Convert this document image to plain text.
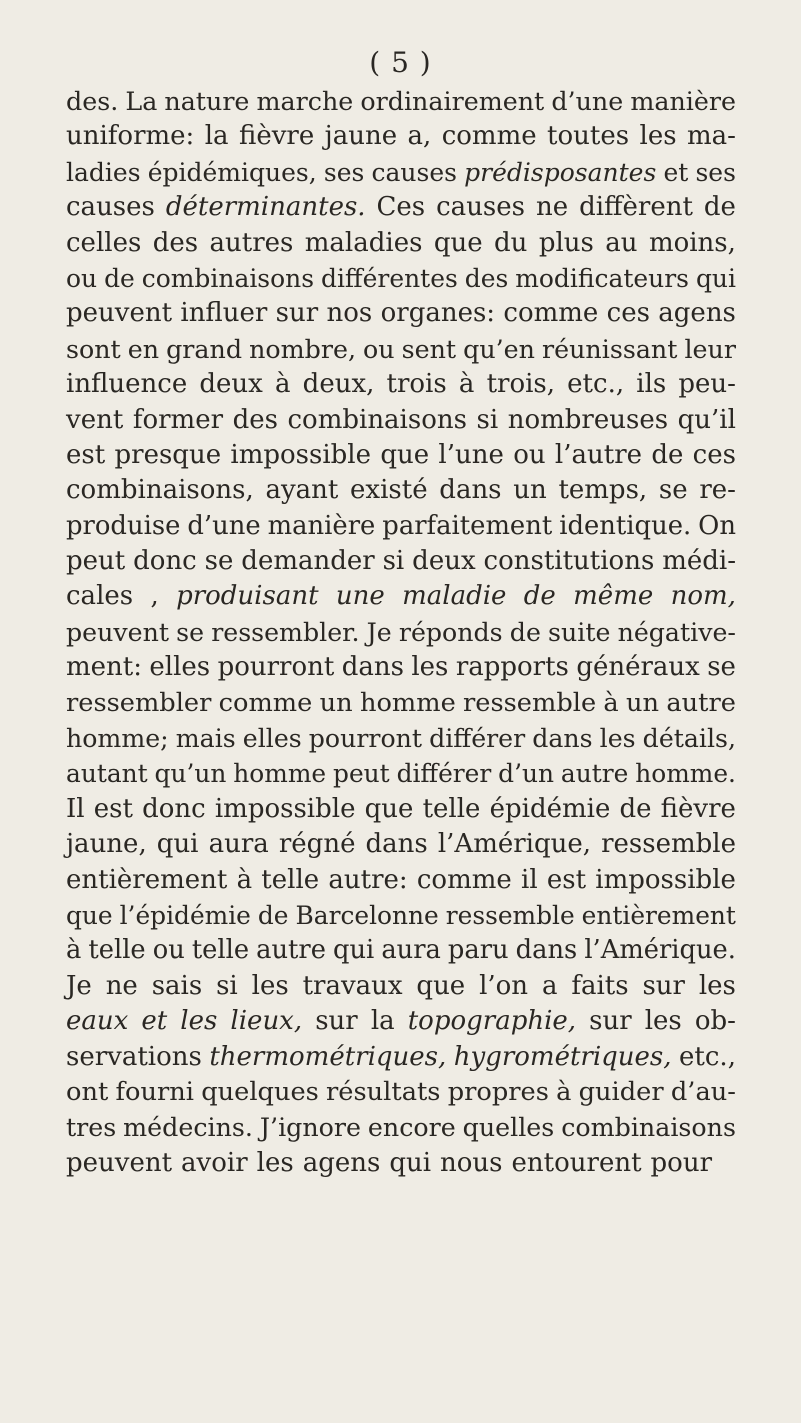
( 5 )
des. La nature marche ordinairement d’une manière
uniforme: la fièvre jaune a, comme toutes les ma-
ladies épidémiques, ses causes prédisposantes et ses
causes déterminantes. Ces causes ne diffèrent de
celles des autres maladies que du plus au moins,
ou de combinaisons différentes des modificateurs qui
peuvent influer sur nos organes: comme ces agens
sont en grand nombre, ou sent qu’en réunissant leur
influence deux à deux, trois à trois, etc., ils peu-
vent former des combinaisons si nombreuses qu’il
est presque impossible que l’une ou l’autre de ces
combinaisons, ayant existé dans un temps, se re-
produise d’une manière parfaitement identique. On
peut donc se demander si deux constitutions médi-
cales , produisant une maladie de même nom,
peuvent se ressembler. Je réponds de suite négative-
ment: elles pourront dans les rapports généraux se
ressembler comme un homme ressemble à un autre
homme; mais elles pourront différer dans les détails,
autant qu’un homme peut différer d’un autre homme.
Il est donc impossible que telle épidémie de fièvre
jaune, qui aura régné dans l’Amérique, ressemble
entièrement à telle autre: comme il est impossible
que l’épidémie de Barcelonne ressemble entièrement
à telle ou telle autre qui aura paru dans l’Amérique.
Je ne sais si les travaux que l’on a faits sur les
eaux et les lieux, sur la topographie, sur les ob-
servations thermométriques, hygrométriques, etc.,
ont fourni quelques résultats propres à guider d’au-
tres médecins. J’ignore encore quelles combinaisons
peuvent avoir les agens qui nous entourent pour
